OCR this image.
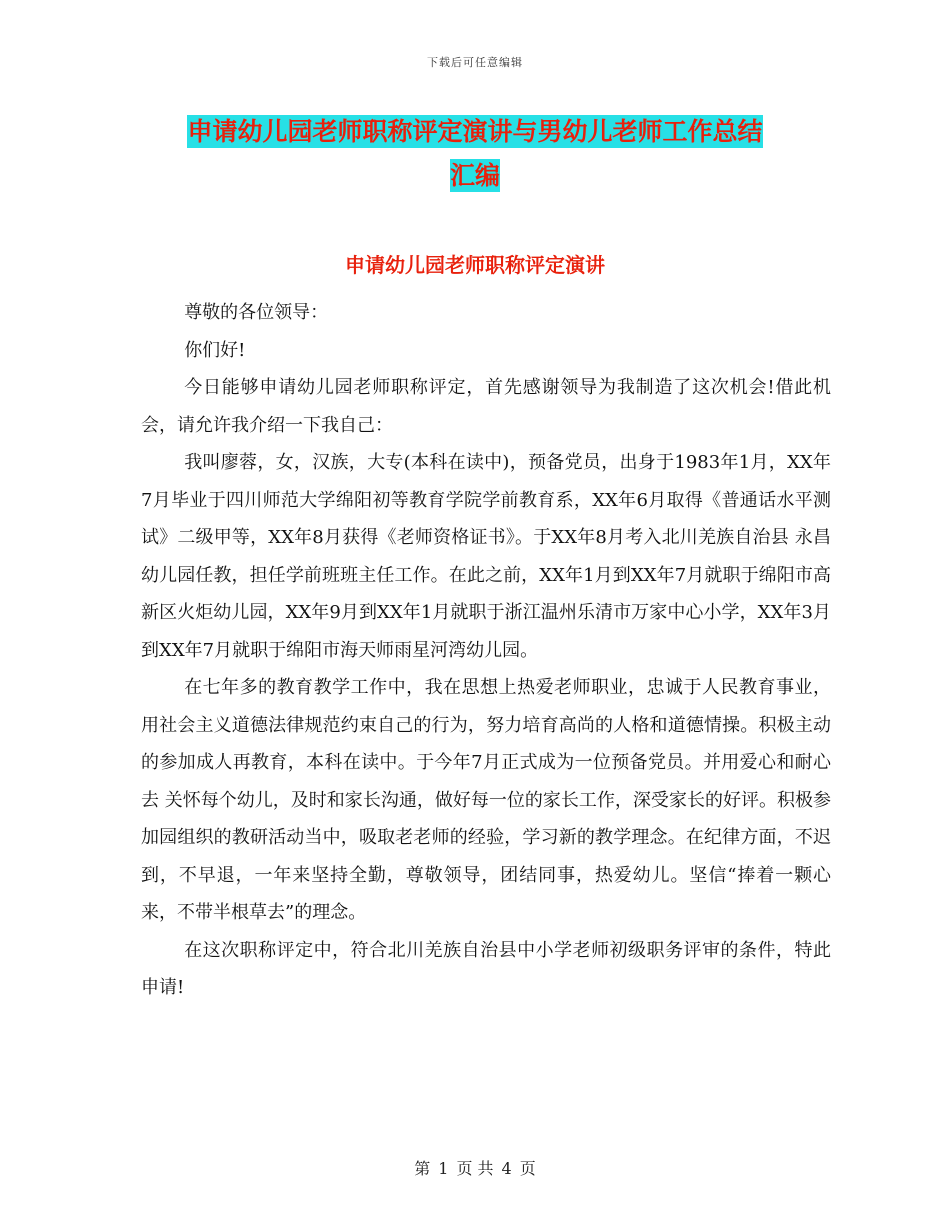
下载后可任意编辑
申请幼儿园老师职称评定演讲与男幼儿老师工作总结
汇编
申请幼儿园老师职称评定演讲

尊敬的各位领导：

你们好!

今日能够申请幼儿园老师职称评定，首先感谢领导为我制造了这次机会!借此机会，请允许我介绍一下我自己：

我叫廖蓉，女，汉族，大专(本科在读中)，预备党员，出身于1983年1月，XX年7月毕业于四川师范大学绵阳初等教育学院学前教育系，XX年6月取得《普通话水平测试》二级甲等，XX年8月获得《老师资格证书》。于XX年8月考入北川羌族自治县 永昌幼儿园任教，担任学前班班主任工作。在此之前，XX年1月到XX年7月就职于绵阳市高新区火炬幼儿园，XX年9月到XX年1月就职于浙江温州乐清市万家中心小学，XX年3月到XX年7月就职于绵阳市海天师雨星河湾幼儿园。

在七年多的教育教学工作中，我在思想上热爱老师职业，忠诚于人民教育事业，用社会主义道德法律规范约束自己的行为，努力培育高尚的人格和道德情操。积极主动的参加成人再教育，本科在读中。于今年7月正式成为一位预备党员。并用爱心和耐心去 关怀每个幼儿，及时和家长沟通，做好每一位的家长工作，深受家长的好评。积极参加园组织的教研活动当中，吸取老老师的经验，学习新的教学理念。在纪律方面，不迟到，不早退，一年来坚持全勤，尊敬领导，团结同事，热爱幼儿。坚信“捧着一颗心来，不带半根草去”的理念。

在这次职称评定中，符合北川羌族自治县中小学老师初级职务评审的条件，特此申请!

第 1 页 共 4 页
